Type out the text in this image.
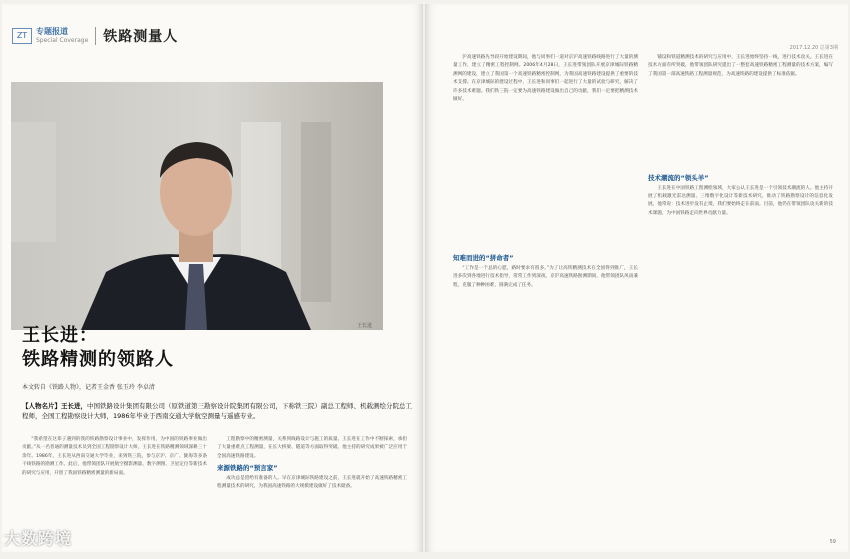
ZT	专题报道
Special Coverage 铁路测量人
王长进
王长进：
铁路精测的领路人
本文转自《铁路人物》，记者王金香 张玉玲 李卓清
【人物名片】王长进，中国铁路设计集团有限公司（原铁道第三勘察设计院集团有限公司，下称铁三院）副总工程师、机载测绘分院总工程师，全国工程勘察设计大师，1986年毕业于西南交通大学航空测量与遥感专业。

“我希望在这辈子遇到的我的铁路勘察设计事业中，发挥作用，为中国的铁路事业做出贡献。”从一名普通的测量技术员到全国工程勘察设计大师，王长进在铁路精测领域深耕三十余年。1986年，王长进从西南交通大学毕业，来到铁三院，参与京沪、京广、陇海等多条干线铁路的勘测工作。此后，他带领团队开展航空摄影测量、数字测图、卫星定位等新技术的研究与应用，开创了我国铁路精密测量的新局面。

工程勘察中的精密测量，关系到线路设计与施工的质量。王长进在工作中不断探索，承担了大量重难点工程测量，在长大桥梁、隧道等方面取得突破。他主持的研究成果被广泛应用于全国高速铁路建设。

来源铁路的“预言家”

成功总是留给有准备的人。早在京津城际铁路建设之前，王长进就开始了高速铁路精密工程测量技术的研究，为我国高速铁路的大规模建设做好了技术储备。

2017.12.20 总第3期

沪高速铁路先导段开始建设期间，他与同事们一道对京沪高速铁路线路进行了大量的测量工作，建立了精密工程控制网。2006年4月28日，王长进带领团队开展京津城际铁路精测网的建设，建立了我国第一个高速铁路精密控制网，为我国高速铁路建设提供了重要的技术支撑。在京津城际的建设过程中，王长进和同事们一起进行了大量的试验与研究，解决了许多技术难题。我们铁三院一定要为高速铁路建设做出自己的贡献，我们一定要把精测技术做好。

知难而进的“拼命者”

“工作是一个总的心愿，路时要求有很多。”为了让高铁精测技术在全国得到推广，王长进多次到各地进行技术指导，常常工作到深夜。京沪高速铁路勘测期间，他带领团队风雨兼程，克服了种种困难，圆满完成了任务。

铺设和铁道精测技术的研究与应用中，王长进始终坚持一线，进行技术攻关。王长进在技术方面有所突破，他带领团队研究提出了一整套高速铁路精密工程测量的技术方案，编写了我国第一部高速铁路工程测量规范，为高速铁路的建设提供了标准依据。

技术潮流的“领头羊”

王长进在中国铁路工程测绘领域，大家公认王长进是一个引领技术潮流的人。他主持开展了机载激光雷达测量、三维数字化设计等新技术研究，推动了铁路勘察设计的信息化发展。他常说：技术进步没有止境，我们要始终走在前面。目前，他仍在带领团队攻关新的技术课题，为中国铁路走向世界贡献力量。

59
大数跨境
